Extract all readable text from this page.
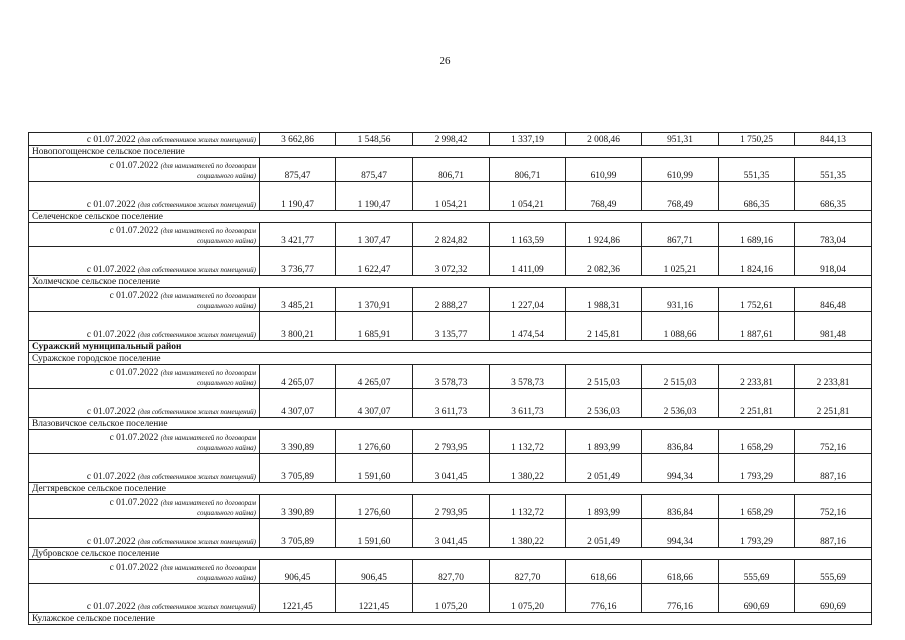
26
с 01.07.2022 (для собственников жилых помещений)	3 662,86	1 548,56	2 998,42	1 337,19	2 008,46	951,31	1 750,25	844,13
Новопогощенское сельское поселение								

с 01.07.2022 (для нанимателей по договорам
социального найма)	875,47	875,47	806,71	806,71	610,99	610,99	551,35	551,35
с 01.07.2022 (для собственников жилых помещений)	1 190,47	1 190,47	1 054,21	1 054,21	768,49	768,49	686,35	686,35
Селеченское сельское поселение								

с 01.07.2022 (для нанимателей по договорам
социального найма)	3 421,77	1 307,47	2 824,82	1 163,59	1 924,86	867,71	1 689,16	783,04
с 01.07.2022 (для собственников жилых помещений)	3 736,77	1 622,47	3 072,32	1 411,09	2 082,36	1 025,21	1 824,16	918,04
Холмечское сельское поселение								

с 01.07.2022 (для нанимателей по договорам
социального найма)	3 485,21	1 370,91	2 888,27	1 227,04	1 988,31	931,16	1 752,61	846,48
с 01.07.2022 (для собственников жилых помещений)	3 800,21	1 685,91	3 135,77	1 474,54	2 145,81	1 088,66	1 887,61	981,48
Суражский муниципальный район								
Суражское городское поселение								

с 01.07.2022 (для нанимателей по договорам
социального найма)	4 265,07	4 265,07	3 578,73	3 578,73	2 515,03	2 515,03	2 233,81	2 233,81
с 01.07.2022 (для собственников жилых помещений)	4 307,07	4 307,07	3 611,73	3 611,73	2 536,03	2 536,03	2 251,81	2 251,81
Влазовичское сельское поселение								

с 01.07.2022 (для нанимателей по договорам
социального найма)	3 390,89	1 276,60	2 793,95	1 132,72	1 893,99	836,84	1 658,29	752,16
с 01.07.2022 (для собственников жилых помещений)	3 705,89	1 591,60	3 041,45	1 380,22	2 051,49	994,34	1 793,29	887,16
Дегтяревское сельское поселение								

с 01.07.2022 (для нанимателей по договорам
социального найма)	3 390,89	1 276,60	2 793,95	1 132,72	1 893,99	836,84	1 658,29	752,16
с 01.07.2022 (для собственников жилых помещений)	3 705,89	1 591,60	3 041,45	1 380,22	2 051,49	994,34	1 793,29	887,16
Дубровское сельское поселение								

с 01.07.2022 (для нанимателей по договорам
социального найма)	906,45	906,45	827,70	827,70	618,66	618,66	555,69	555,69
с 01.07.2022 (для собственников жилых помещений)	1221,45	1221,45	1 075,20	1 075,20	776,16	776,16	690,69	690,69
Кулажское сельское поселение								
